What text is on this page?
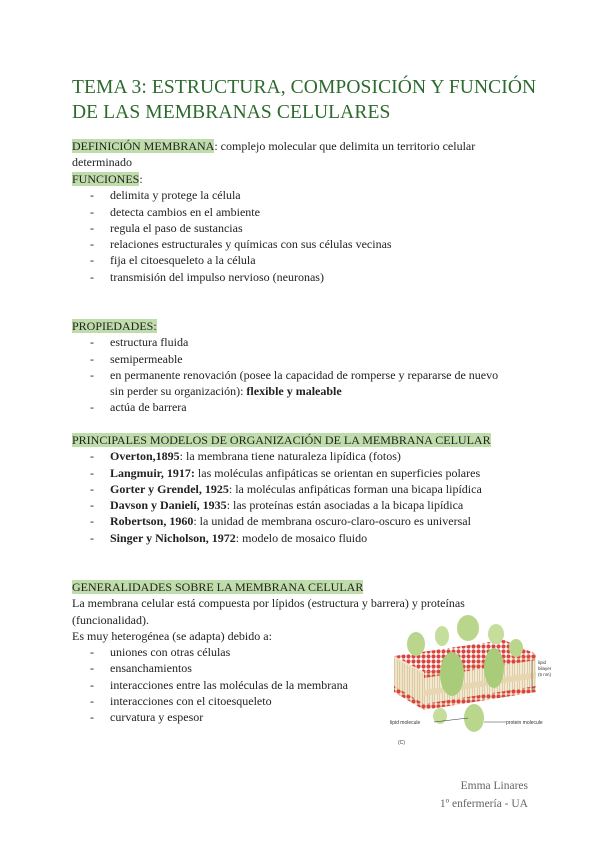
TEMA 3: ESTRUCTURA, COMPOSICIÓN Y FUNCIÓN DE LAS MEMBRANAS CELULARES
DEFINICIÓN MEMBRANA: complejo molecular que delimita un territorio celular determinado
FUNCIONES:
- delimita y protege la célula
- detecta cambios en el ambiente
- regula el paso de sustancias
- relaciones estructurales y químicas con sus células vecinas
- fija el citoesqueleto a la célula
- transmisión del impulso nervioso (neuronas)
PROPIEDADES:
- estructura fluida
- semipermeable
- en permanente renovación (posee la capacidad de romperse y repararse de nuevo sin perder su organización): flexible y maleable
- actúa de barrera
PRINCIPALES MODELOS DE ORGANIZACIÓN DE LA MEMBRANA CELULAR
- Overton,1895: la membrana tiene naturaleza lipídica (fotos)
- Langmuir, 1917: las moléculas anfipáticas se orientan en superficies polares
- Gorter y Grendel, 1925: la moléculas anfipáticas forman una bicapa lipídica
- Davson y Danielí, 1935: las proteínas están asociadas a la bicapa lipídica
- Robertson, 1960: la unidad de membrana oscuro-claro-oscuro es universal
- Singer y Nicholson, 1972: modelo de mosaico fluido
GENERALIDADES SOBRE LA MEMBRANA CELULAR
La membrana celular está compuesta por lípidos (estructura y barrera) y proteínas (funcionalidad).
Es muy heterogénea (se adapta) debido a:
- uniones con otras células
- ensanchamientos
- interacciones entre las moléculas de la membrana
- interacciones con el citoesqueleto
- curvatura y espesor
lipid
bilayer
(5 nm)
lipid molecule	protein molecule
(C)
Emma Linares
1º enfermería - UA
